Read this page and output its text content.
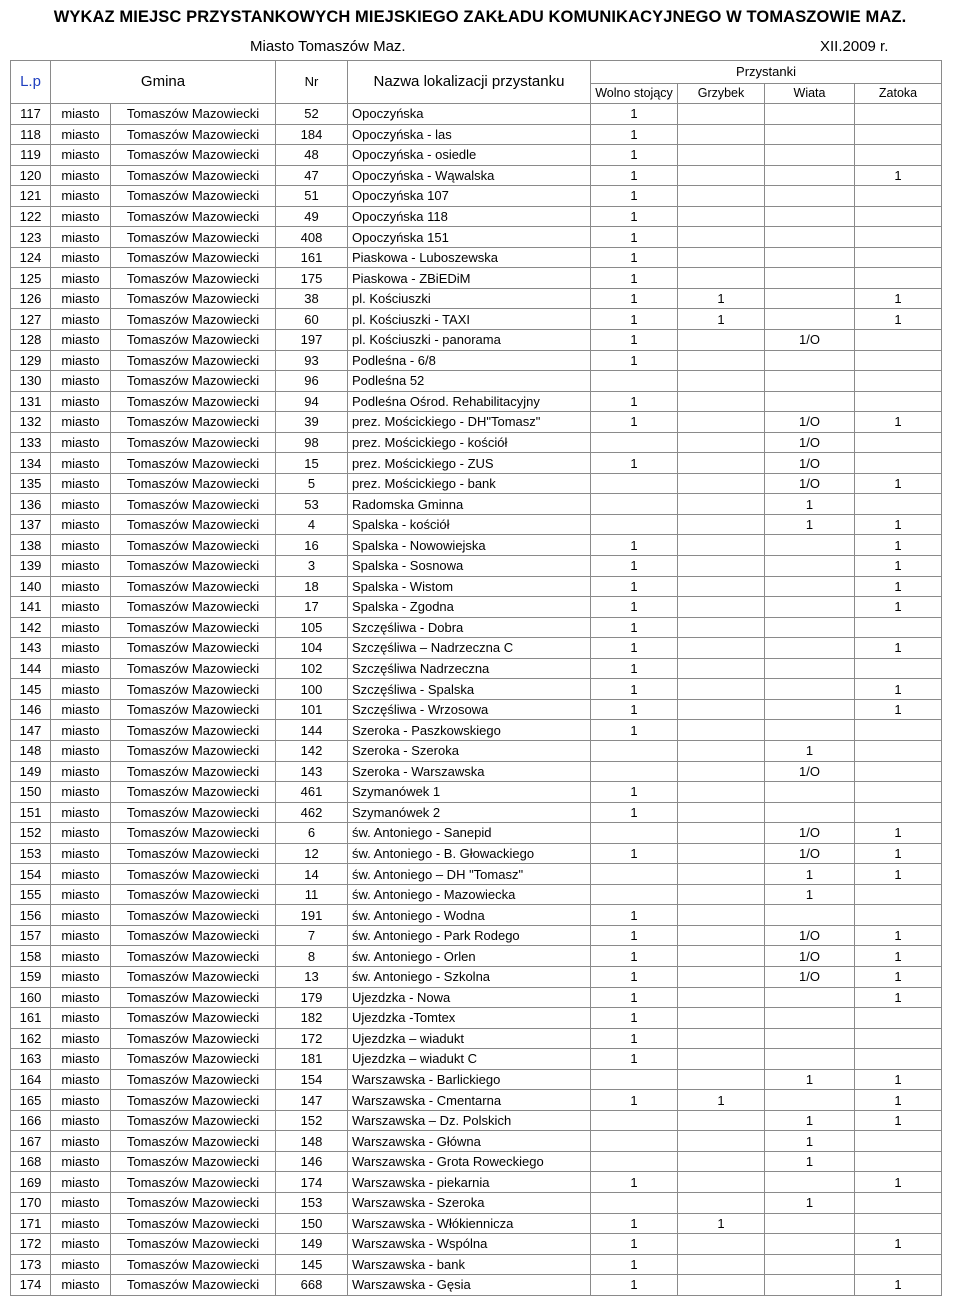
WYKAZ MIEJSC PRZYSTANKOWYCH MIEJSKIEGO ZAKŁADU KOMUNIKACYJNEGO W TOMASZOWIE MAZ.
Miasto Tomaszów Maz.	XII.2009 r.
L.p	Gmina		Nr	Nazwa lokalizacji przystanku	Przystanki			
					Wolno stojący	Grzybek	Wiata	Zatoka
117	miasto	Tomaszów Mazowiecki	52	Opoczyńska	1			
118	miasto	Tomaszów Mazowiecki	184	Opoczyńska - las	1			
119	miasto	Tomaszów Mazowiecki	48	Opoczyńska - osiedle	1			
120	miasto	Tomaszów Mazowiecki	47	Opoczyńska - Wąwalska	1			1
121	miasto	Tomaszów Mazowiecki	51	Opoczyńska 107	1			
122	miasto	Tomaszów Mazowiecki	49	Opoczyńska 118	1			
123	miasto	Tomaszów Mazowiecki	408	Opoczyńska 151	1			
124	miasto	Tomaszów Mazowiecki	161	Piaskowa - Luboszewska	1			
125	miasto	Tomaszów Mazowiecki	175	Piaskowa - ZBiEDiM	1			
126	miasto	Tomaszów Mazowiecki	38	pl. Kościuszki	1	1		1
127	miasto	Tomaszów Mazowiecki	60	pl. Kościuszki - TAXI	1	1		1
128	miasto	Tomaszów Mazowiecki	197	pl. Kościuszki - panorama	1		1/O	
129	miasto	Tomaszów Mazowiecki	93	Podleśna - 6/8	1			
130	miasto	Tomaszów Mazowiecki	96	Podleśna 52				
131	miasto	Tomaszów Mazowiecki	94	Podleśna Ośrod. Rehabilitacyjny	1			
132	miasto	Tomaszów Mazowiecki	39	prez. Mościckiego - DH"Tomasz"	1		1/O	1
133	miasto	Tomaszów Mazowiecki	98	prez. Mościckiego - kościół			1/O	
134	miasto	Tomaszów Mazowiecki	15	prez. Mościckiego - ZUS	1		1/O	
135	miasto	Tomaszów Mazowiecki	5	prez. Mościckiego - bank			1/O	1
136	miasto	Tomaszów Mazowiecki	53	Radomska Gminna			1	
137	miasto	Tomaszów Mazowiecki	4	Spalska - kościół			1	1
138	miasto	Tomaszów Mazowiecki	16	Spalska - Nowowiejska	1			1
139	miasto	Tomaszów Mazowiecki	3	Spalska - Sosnowa	1			1
140	miasto	Tomaszów Mazowiecki	18	Spalska - Wistom	1			1
141	miasto	Tomaszów Mazowiecki	17	Spalska - Zgodna	1			1
142	miasto	Tomaszów Mazowiecki	105	Szczęśliwa - Dobra	1			
143	miasto	Tomaszów Mazowiecki	104	Szczęśliwa – Nadrzeczna C	1			1
144	miasto	Tomaszów Mazowiecki	102	Szczęśliwa Nadrzeczna	1			
145	miasto	Tomaszów Mazowiecki	100	Szczęśliwa - Spalska	1			1
146	miasto	Tomaszów Mazowiecki	101	Szczęśliwa - Wrzosowa	1			1
147	miasto	Tomaszów Mazowiecki	144	Szeroka - Paszkowskiego	1			
148	miasto	Tomaszów Mazowiecki	142	Szeroka - Szeroka			1	
149	miasto	Tomaszów Mazowiecki	143	Szeroka - Warszawska			1/O	
150	miasto	Tomaszów Mazowiecki	461	Szymanówek 1	1			
151	miasto	Tomaszów Mazowiecki	462	Szymanówek 2	1			
152	miasto	Tomaszów Mazowiecki	6	św. Antoniego - Sanepid			1/O	1
153	miasto	Tomaszów Mazowiecki	12	św. Antoniego - B. Głowackiego	1		1/O	1
154	miasto	Tomaszów Mazowiecki	14	św. Antoniego – DH "Tomasz"			1	1
155	miasto	Tomaszów Mazowiecki	11	św. Antoniego - Mazowiecka			1	
156	miasto	Tomaszów Mazowiecki	191	św. Antoniego - Wodna	1			
157	miasto	Tomaszów Mazowiecki	7	św. Antoniego - Park Rodego	1		1/O	1
158	miasto	Tomaszów Mazowiecki	8	św. Antoniego - Orlen	1		1/O	1
159	miasto	Tomaszów Mazowiecki	13	św. Antoniego - Szkolna	1		1/O	1
160	miasto	Tomaszów Mazowiecki	179	Ujezdzka - Nowa	1			1
161	miasto	Tomaszów Mazowiecki	182	Ujezdzka -Tomtex	1			
162	miasto	Tomaszów Mazowiecki	172	Ujezdzka – wiadukt	1			
163	miasto	Tomaszów Mazowiecki	181	Ujezdzka – wiadukt C	1			
164	miasto	Tomaszów Mazowiecki	154	Warszawska - Barlickiego			1	1
165	miasto	Tomaszów Mazowiecki	147	Warszawska - Cmentarna	1	1		1
166	miasto	Tomaszów Mazowiecki	152	Warszawska – Dz. Polskich			1	1
167	miasto	Tomaszów Mazowiecki	148	Warszawska - Główna			1	
168	miasto	Tomaszów Mazowiecki	146	Warszawska - Grota Roweckiego			1	
169	miasto	Tomaszów Mazowiecki	174	Warszawska - piekarnia	1			1
170	miasto	Tomaszów Mazowiecki	153	Warszawska - Szeroka			1	
171	miasto	Tomaszów Mazowiecki	150	Warszawska - Włókiennicza	1	1		
172	miasto	Tomaszów Mazowiecki	149	Warszawska - Wspólna	1			1
173	miasto	Tomaszów Mazowiecki	145	Warszawska - bank	1			
174	miasto	Tomaszów Mazowiecki	668	Warszawska - Gęsia	1			1
